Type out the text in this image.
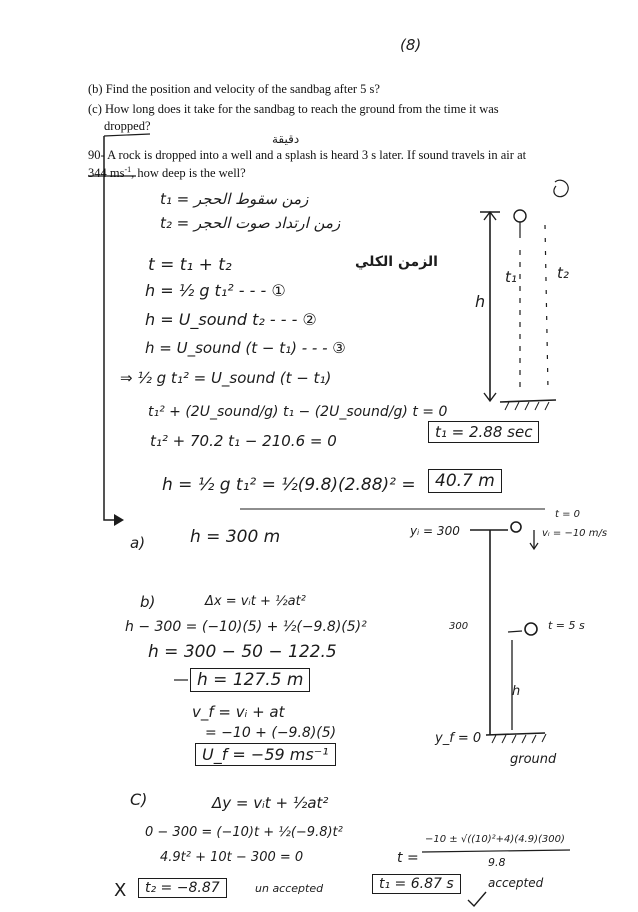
(8)
(b) Find the position and velocity of the sandbag after 5 s?
(c) How long does it take for the sandbag to reach the ground from the time it was
dropped?
دقيقة
90- A rock is dropped into a well and a splash is heard 3 s later. If sound travels in air at
344 $ms^{-1}$, how deep is the well?
t₁ = زمن سقوط الحجر
t₂ = زمن ارتداد صوت الحجر
الزمن الكلي
t = t₁ + t₂
h = ½ g t₁² - - - ①
h = U_sound t₂ - - - ②
h = U_sound (t − t₁) - - - ③
⇒ ½ g t₁² = U_sound (t − t₁)
t₁² + (2U_sound/g) t₁ − (2U_sound/g) t = 0
t₁² + 70.2 t₁ − 210.6 = 0	t₁ = 2.88 sec
h = ½ g t₁² = ½(9.8)(2.88)² =	40.7 m
h
t₁	t₂
a)	h = 300 m
b)	Δx = vᵢt + ½at²
h − 300 = (−10)(5) + ½(−9.8)(5)²
h = 300 − 50 − 122.5
h = 127.5 m
v_f = vᵢ + at
= −10 + (−9.8)(5)
U_f = −59 ms⁻¹
C)	Δy = vᵢt + ½at²
0 − 300 = (−10)t + ½(−9.8)t²
4.9t² + 10t − 300 = 0	t =
−10 ± √((10)²+4)(4.9)(300)
9.8
X	t₂ = −8.87	un accepted	t₁ = 6.87 s	accepted
yᵢ = 300
t = 0
vᵢ = −10 m/s
t = 5 s
300
h
y_f = 0
ground
